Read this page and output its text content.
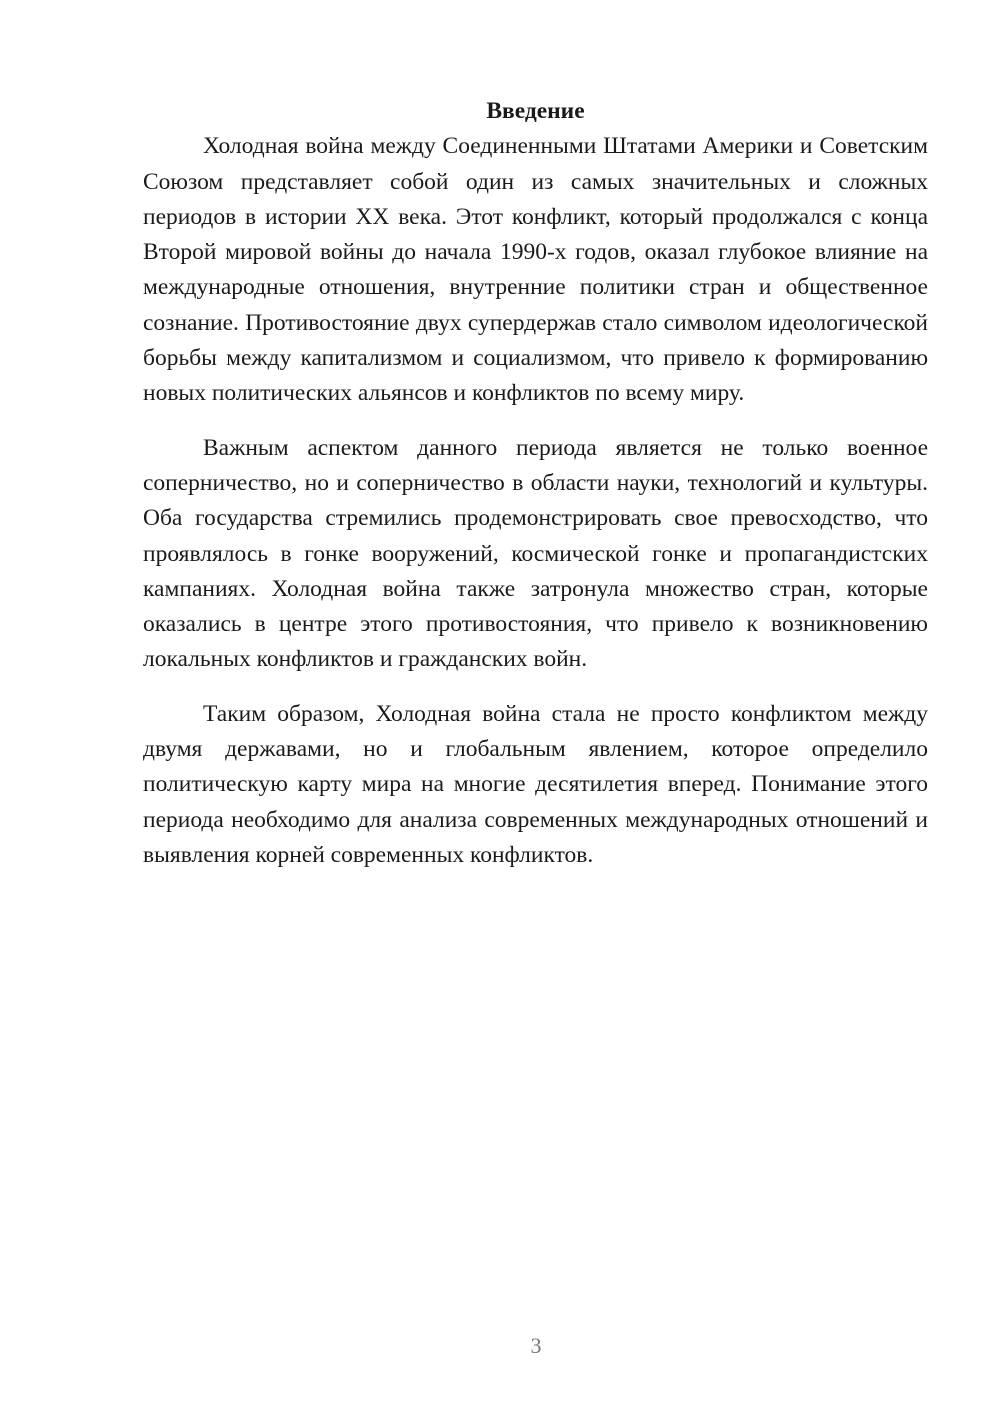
Введение

Холодная война между Соединенными Штатами Америки и Советским Союзом представляет собой один из самых значительных и сложных периодов в истории XX века. Этот конфликт, который продолжался с конца Второй мировой войны до начала 1990-х годов, оказал глубокое влияние на международные отношения, внутренние политики стран и общественное сознание. Противостояние двух супердержав стало символом идеологической борьбы между капитализмом и социализмом, что привело к формированию новых политических альянсов и конфликтов по всему миру.

Важным аспектом данного периода является не только военное соперничество, но и соперничество в области науки, технологий и культуры. Оба государства стремились продемонстрировать свое превосходство, что проявлялось в гонке вооружений, космической гонке и пропагандистских кампаниях. Холодная война также затронула множество стран, которые оказались в центре этого противостояния, что привело к возникновению локальных конфликтов и гражданских войн.

Таким образом, Холодная война стала не просто конфликтом между двумя державами, но и глобальным явлением, которое определило политическую карту мира на многие десятилетия вперед. Понимание этого периода необходимо для анализа современных международных отношений и выявления корней современных конфликтов.

3
